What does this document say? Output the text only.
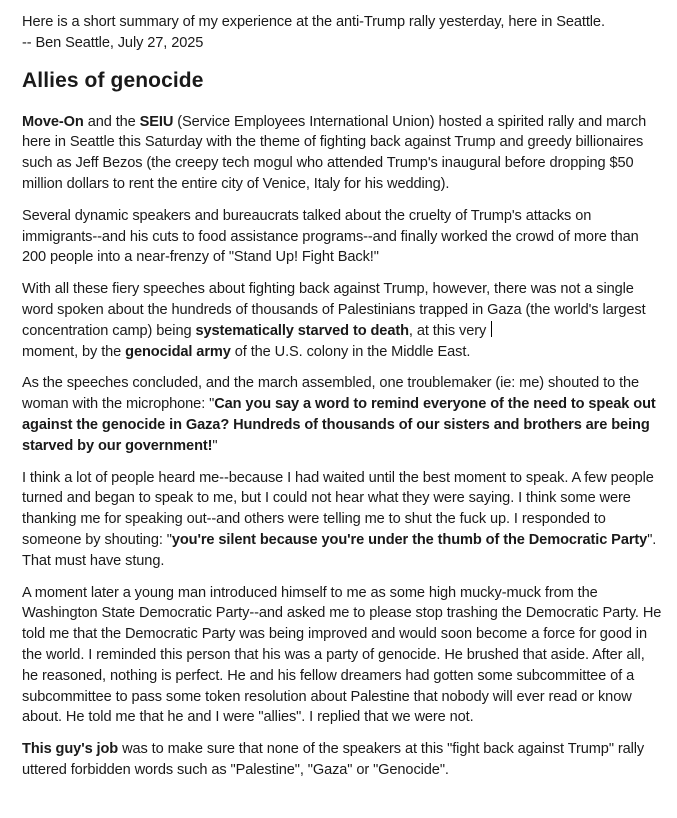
Here is a short summary of my experience at the anti-Trump rally yesterday, here in Seattle.
-- Ben Seattle, July 27, 2025

Allies of genocide

Move-On and the SEIU (Service Employees International Union) hosted a spirited rally and march here in Seattle this Saturday with the theme of fighting back against Trump and greedy billionaires such as Jeff Bezos (the creepy tech mogul who attended Trump's inaugural before dropping $50 million dollars to rent the entire city of Venice, Italy for his wedding).

Several dynamic speakers and bureaucrats talked about the cruelty of Trump's attacks on immigrants--and his cuts to food assistance programs--and finally worked the crowd of more than 200 people into a near-frenzy of "Stand Up! Fight Back!"

With all these fiery speeches about fighting back against Trump, however, there was not a single word spoken about the hundreds of thousands of Palestinians trapped in Gaza (the world's largest concentration camp) being systematically starved to death, at this very
moment, by the genocidal army of the U.S. colony in the Middle East.

As the speeches concluded, and the march assembled, one troublemaker (ie: me) shouted to the woman with the microphone: "Can you say a word to remind everyone of the need to speak out against the genocide in Gaza? Hundreds of thousands of our sisters and brothers are being starved by our government!"

I think a lot of people heard me--because I had waited until the best moment to speak. A few people turned and began to speak to me, but I could not hear what they were saying. I think some were thanking me for speaking out--and others were telling me to shut the fuck up. I responded to someone by shouting: "you're silent because you're under the thumb of the Democratic Party". That must have stung.

A moment later a young man introduced himself to me as some high mucky-muck from the Washington State Democratic Party--and asked me to please stop trashing the Democratic Party. He told me that the Democratic Party was being improved and would soon become a force for good in the world. I reminded this person that his was a party of genocide. He brushed that aside. After all, he reasoned, nothing is perfect. He and his fellow dreamers had gotten some subcommittee of a subcommittee to pass some token resolution about Palestine that nobody will ever read or know about. He told me that he and I were "allies". I replied that we were not.

This guy's job was to make sure that none of the speakers at this "fight back against Trump" rally uttered forbidden words such as "Palestine", "Gaza" or "Genocide".
